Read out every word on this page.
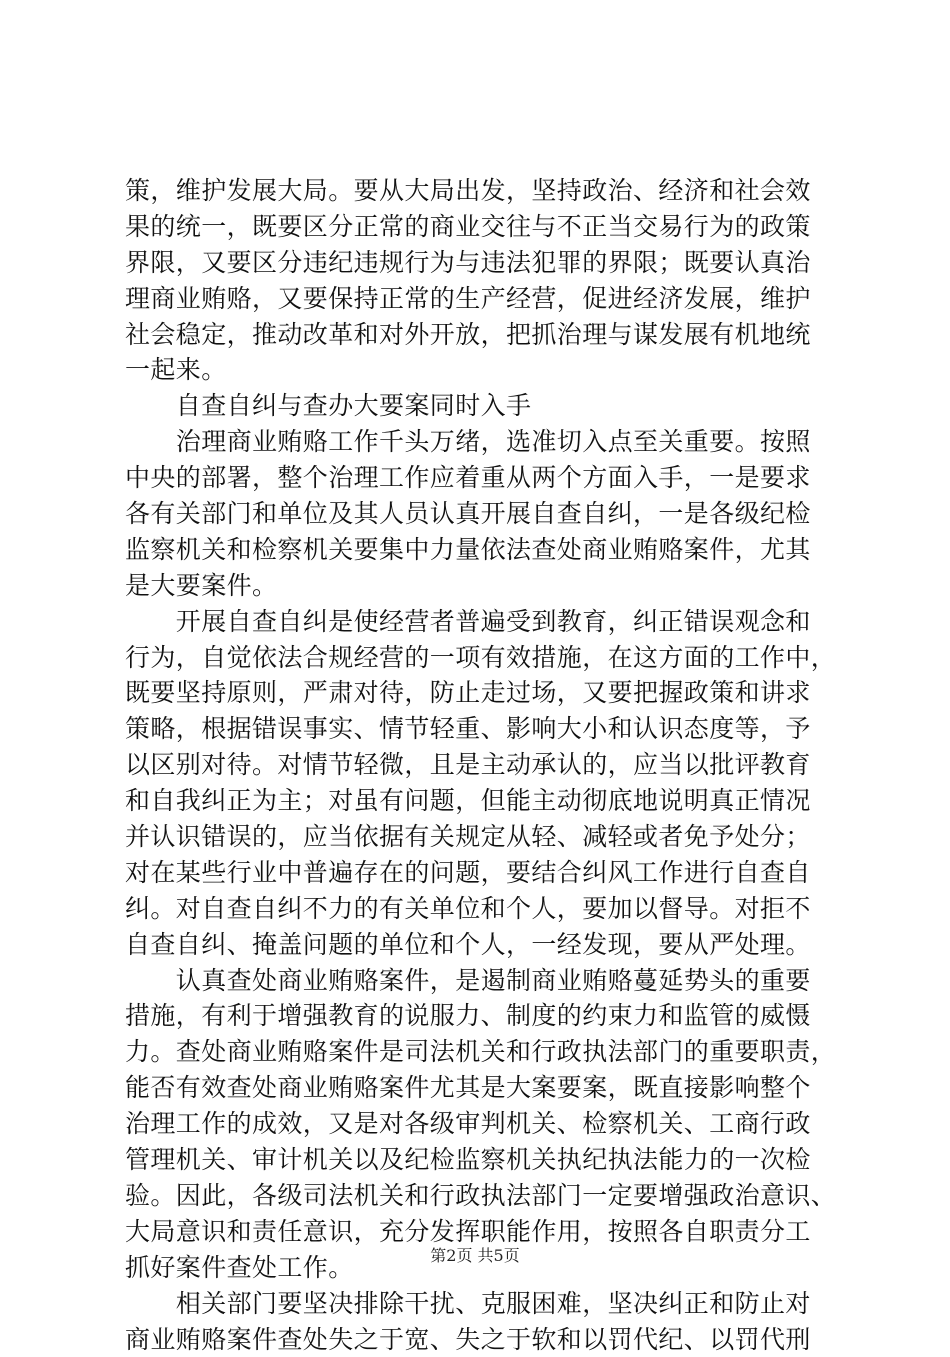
策，维护发展大局。要从大局出发，坚持政治、经济和社会效
果的统一，既要区分正常的商业交往与不正当交易行为的政策
界限，又要区分违纪违规行为与违法犯罪的界限；既要认真治
理商业贿赂，又要保持正常的生产经营，促进经济发展，维护
社会稳定，推动改革和对外开放，把抓治理与谋发展有机地统
一起来。
　　自查自纠与查办大要案同时入手
　　治理商业贿赂工作千头万绪，选准切入点至关重要。按照
中央的部署，整个治理工作应着重从两个方面入手，一是要求
各有关部门和单位及其人员认真开展自查自纠，一是各级纪检
监察机关和检察机关要集中力量依法查处商业贿赂案件，尤其
是大要案件。
　　开展自查自纠是使经营者普遍受到教育，纠正错误观念和
行为，自觉依法合规经营的一项有效措施，在这方面的工作中，
既要坚持原则，严肃对待，防止走过场，又要把握政策和讲求
策略，根据错误事实、情节轻重、影响大小和认识态度等，予
以区别对待。对情节轻微，且是主动承认的，应当以批评教育
和自我纠正为主；对虽有问题，但能主动彻底地说明真正情况
并认识错误的，应当依据有关规定从轻、减轻或者免予处分；
对在某些行业中普遍存在的问题，要结合纠风工作进行自查自
纠。对自查自纠不力的有关单位和个人，要加以督导。对拒不
自查自纠、掩盖问题的单位和个人，一经发现，要从严处理。
　　认真查处商业贿赂案件，是遏制商业贿赂蔓延势头的重要
措施，有利于增强教育的说服力、制度的约束力和监管的威慑
力。查处商业贿赂案件是司法机关和行政执法部门的重要职责，
能否有效查处商业贿赂案件尤其是大案要案，既直接影响整个
治理工作的成效，又是对各级审判机关、检察机关、工商行政
管理机关、审计机关以及纪检监察机关执纪执法能力的一次检
验。因此，各级司法机关和行政执法部门一定要增强政治意识、
大局意识和责任意识，充分发挥职能作用，按照各自职责分工
抓好案件查处工作。
　　相关部门要坚决排除干扰、克服困难，坚决纠正和防止对
商业贿赂案件查处失之于宽、失之于软和以罚代纪、以罚代刑
第2页 共5页
